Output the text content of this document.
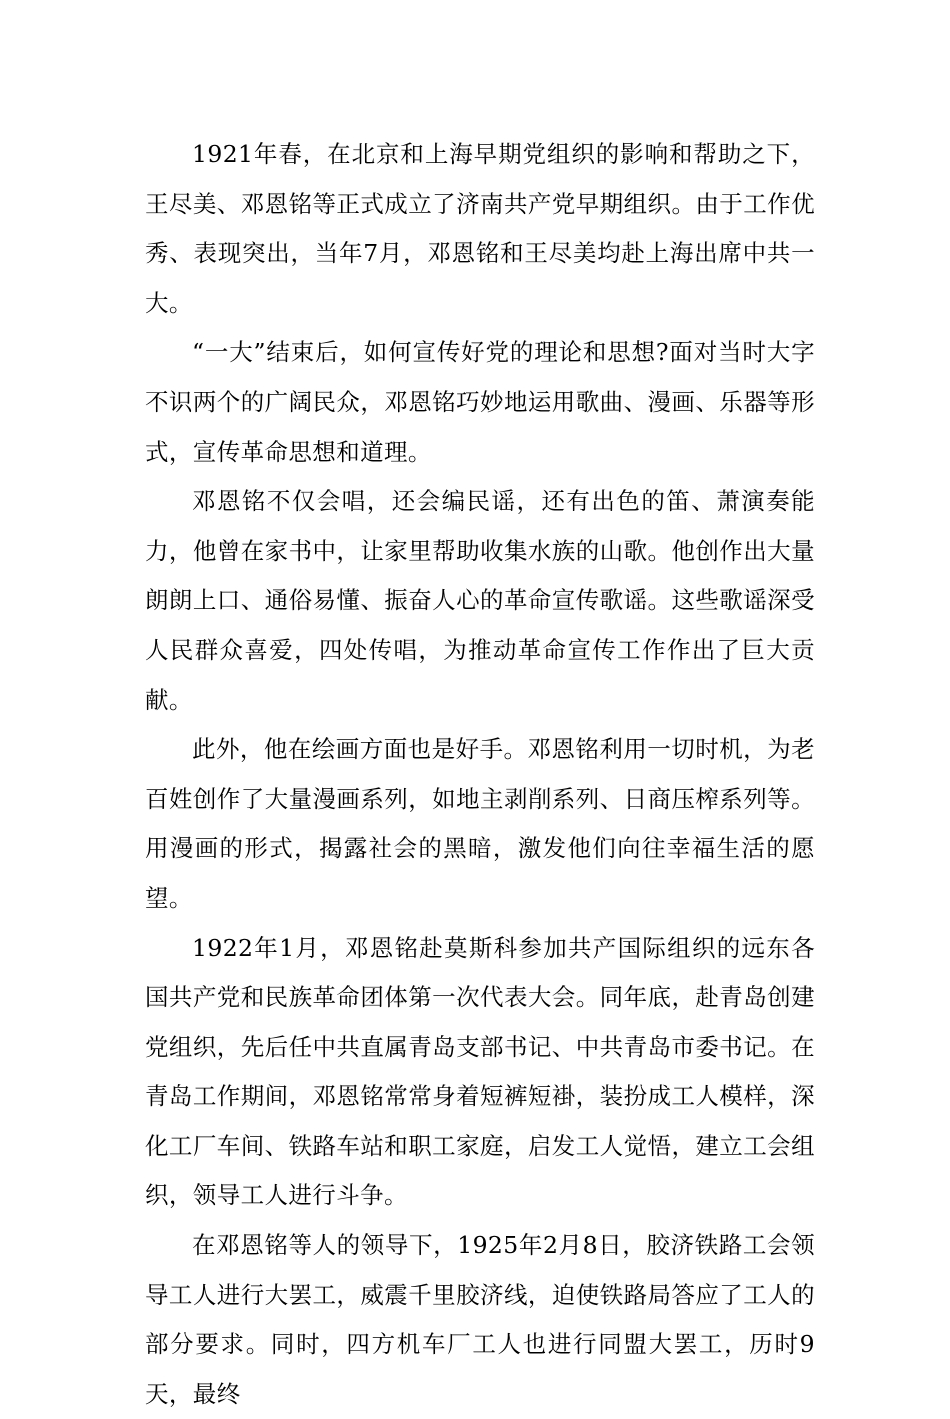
1921年春，在北京和上海早期党组织的影响和帮助之下，王尽美、邓恩铭等正式成立了济南共产党早期组织。由于工作优秀、表现突出，当年7月，邓恩铭和王尽美均赴上海出席中共一大。

“一大”结束后，如何宣传好党的理论和思想?面对当时大字不识两个的广阔民众，邓恩铭巧妙地运用歌曲、漫画、乐器等形式，宣传革命思想和道理。

邓恩铭不仅会唱，还会编民谣，还有出色的笛、萧演奏能力，他曾在家书中，让家里帮助收集水族的山歌。他创作出大量朗朗上口、通俗易懂、振奋人心的革命宣传歌谣。这些歌谣深受人民群众喜爱，四处传唱，为推动革命宣传工作作出了巨大贡献。

此外，他在绘画方面也是好手。邓恩铭利用一切时机，为老百姓创作了大量漫画系列，如地主剥削系列、日商压榨系列等。用漫画的形式，揭露社会的黑暗，激发他们向往幸福生活的愿望。

1922年1月，邓恩铭赴莫斯科参加共产国际组织的远东各国共产党和民族革命团体第一次代表大会。同年底，赴青岛创建党组织，先后任中共直属青岛支部书记、中共青岛市委书记。在青岛工作期间，邓恩铭常常身着短裤短褂，装扮成工人模样，深化工厂车间、铁路车站和职工家庭，启发工人觉悟，建立工会组织，领导工人进行斗争。

在邓恩铭等人的领导下，1925年2月8日，胶济铁路工会领导工人进行大罢工，威震千里胶济线，迫使铁路局答应了工人的部分要求。同时，四方机车厂工人也进行同盟大罢工，历时9天，最终
